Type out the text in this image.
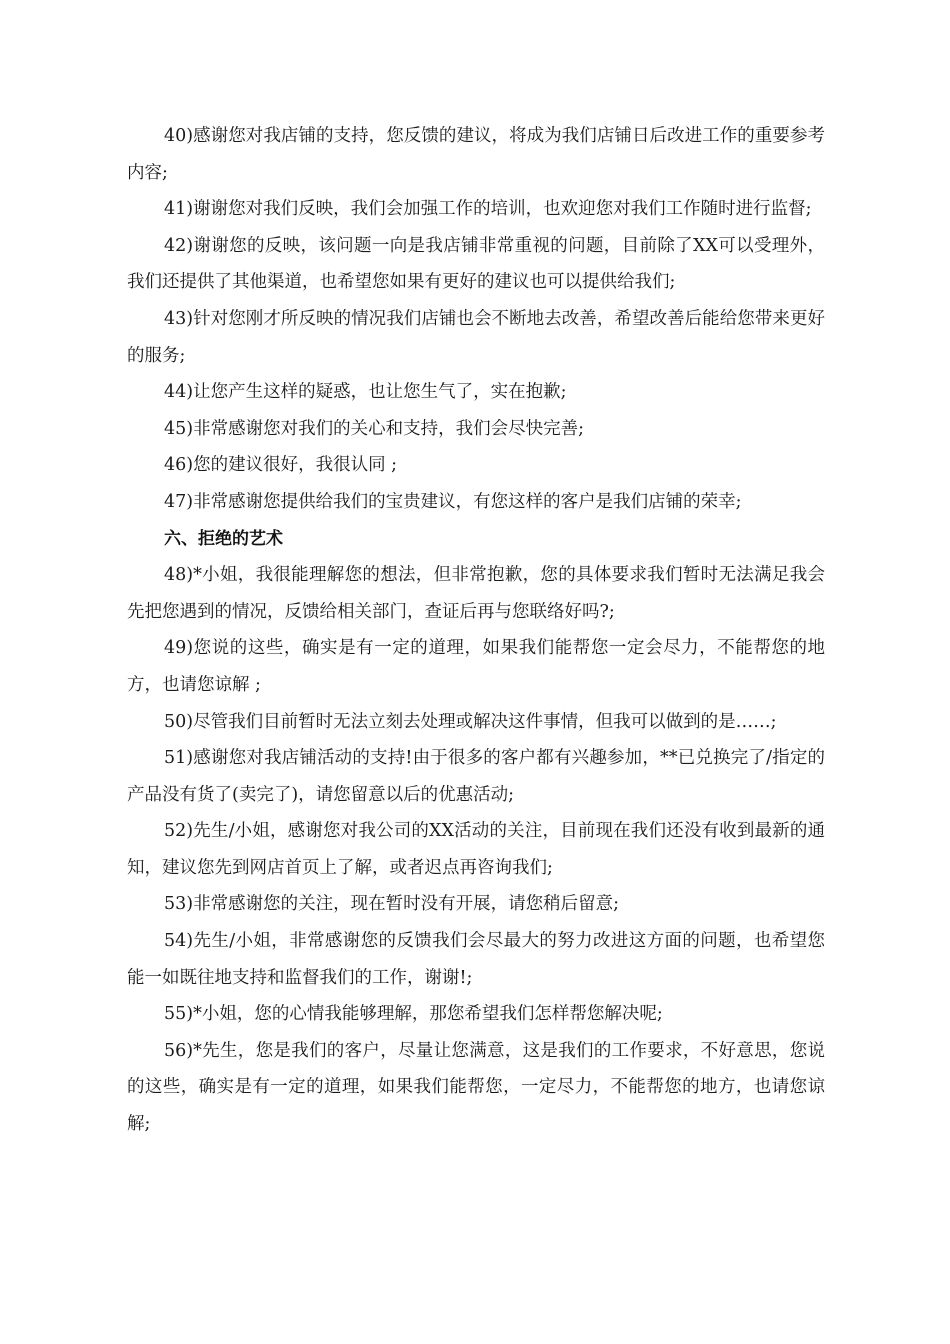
40)感谢您对我店铺的支持，您反馈的建议，将成为我们店铺日后改进工作的重要参考内容;

41)谢谢您对我们反映，我们会加强工作的培训，也欢迎您对我们工作随时进行监督;

42)谢谢您的反映，该问题一向是我店铺非常重视的问题，目前除了XX可以受理外，我们还提供了其他渠道，也希望您如果有更好的建议也可以提供给我们;

43)针对您刚才所反映的情况我们店铺也会不断地去改善，希望改善后能给您带来更好的服务;

44)让您产生这样的疑惑，也让您生气了，实在抱歉;

45)非常感谢您对我们的关心和支持，我们会尽快完善;

46)您的建议很好，我很认同 ;

47)非常感谢您提供给我们的宝贵建议，有您这样的客户是我们店铺的荣幸;

六、拒绝的艺术

48)*小姐，我很能理解您的想法，但非常抱歉，您的具体要求我们暂时无法满足我会先把您遇到的情况，反馈给相关部门，查证后再与您联络好吗?;

49)您说的这些，确实是有一定的道理，如果我们能帮您一定会尽力，不能帮您的地方，也请您谅解 ;

50)尽管我们目前暂时无法立刻去处理或解决这件事情，但我可以做到的是……;

51)感谢您对我店铺活动的支持!由于很多的客户都有兴趣参加，**已兑换完了/指定的产品没有货了(卖完了)，请您留意以后的优惠活动;

52)先生/小姐，感谢您对我公司的XX活动的关注，目前现在我们还没有收到最新的通知，建议您先到网店首页上了解，或者迟点再咨询我们;

53)非常感谢您的关注，现在暂时没有开展，请您稍后留意;

54)先生/小姐，非常感谢您的反馈我们会尽最大的努力改进这方面的问题，也希望您能一如既往地支持和监督我们的工作，谢谢!;

55)*小姐，您的心情我能够理解，那您希望我们怎样帮您解决呢;

56)*先生，您是我们的客户，尽量让您满意，这是我们的工作要求，不好意思，您说的这些，确实是有一定的道理，如果我们能帮您，一定尽力，不能帮您的地方，也请您谅解;
